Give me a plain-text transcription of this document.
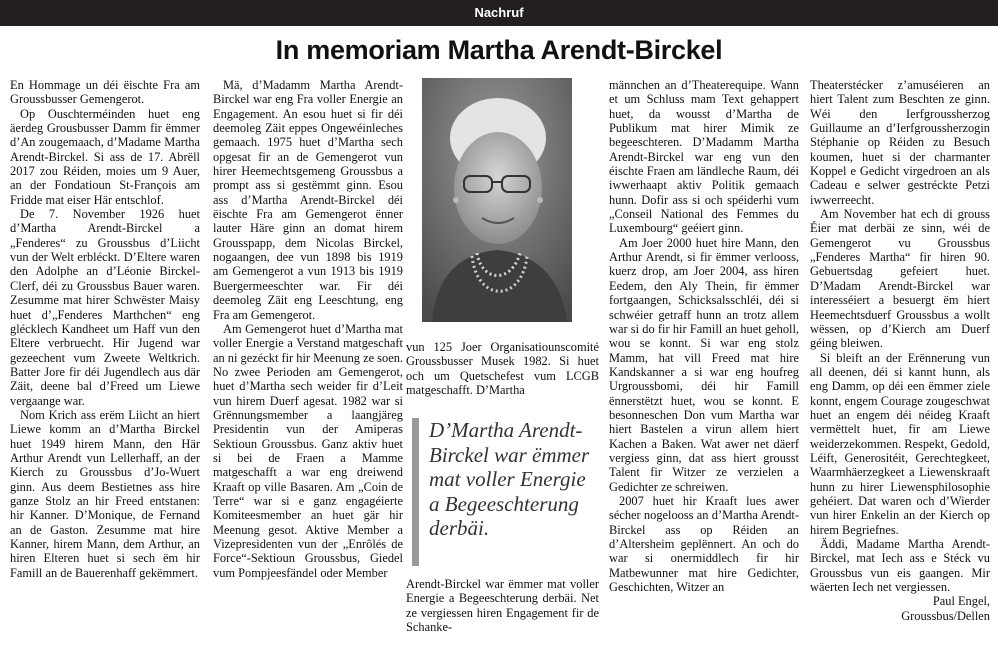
Nachruf
In memoriam Martha Arendt-Birckel

En Hommage un déi ëischte Fra am Groussbusser Gemengerot.

Op Ouschterméinden huet eng äerdeg Grousbusser Damm fir ëmmer d’An zougemaach, d’Madame Martha Arendt-Birckel. Si ass de 17. Abrëll 2017 zou Réiden, moies um 9 Auer, an der Fondatioun St-François am Fridde mat eiser Här entschlof.

De 7. November 1926 huet d’Martha Arendt-Birckel a „Fenderes“ zu Groussbus d’Liicht vun der Welt erbléckt. D’Eltere waren den Adolphe an d’Léonie Birckel-Clerf, déi zu Groussbus Bauer waren. Zesumme mat hirer Schwëster Maisy huet d’„Fenderes Marthchen“ eng glécklech Kandheet um Haff vun den Eltere verbruecht. Hir Jugend war gezeechent vum Zweete Weltkrich. Batter Jore fir déi Jugendlech aus där Zäit, deene bal d’Freed um Liewe vergaange war.

Nom Krich ass erëm Liicht an hiert Liewe komm an d’Martha Birckel huet 1949 hirem Mann, den Här Arthur Arendt vun Lellerhaff, an der Kierch zu Groussbus d’Jo-Wuert ginn. Aus deem Bestietnes ass hire ganze Stolz an hir Freed entstanen: hir Kanner. D’Monique, de Fernand an de Gaston. Zesumme mat hire Kanner, hirem Mann, dem Arthur, an hiren Elteren huet si sech ëm hir Famill an de Bauerenhaff gekëmmert.

Mä, d’Madamm Martha Arendt-Birckel war eng Fra voller Energie an Engagement. An esou huet si fir déi deemoleg Zäit eppes Ongewéinleches gemaach. 1975 huet d’Martha sech opgesat fir an de Gemengerot vun hirer Heemechtsgemeng Groussbus a prompt ass si gestëmmt ginn. Esou ass d’Martha Arendt-Birckel déi ëischte Fra am Gemengerot ënner lauter Häre ginn an domat hirem Grousspapp, dem Nicolas Birckel, nogaangen, dee vun 1898 bis 1919 am Gemengerot a vun 1913 bis 1919 Buergermeeschter war. Fir déi deemoleg Zäit eng Leeschtung, eng Fra am Gemengerot.

Am Gemengerot huet d’Martha mat voller Energie a Verstand matgeschaft an ni gezéckt fir hir Meenung ze soen. No zwee Perioden am Gemengerot, huet d’Martha sech weider fir d’Leit vun hirem Duerf agesat. 1982 war si Grënnungsmember a laangjäreg Presidentin vun der Amiperas Sektioun Groussbus. Ganz aktiv huet si bei de Fraen a Mamme matgeschafft a war eng dreiwend Kraaft op ville Basaren. Am „Coin de Terre“ war si e ganz engagéierte Komiteesmember an huet gär hir Meenung gesot. Aktive Member a Vizepresidenten vun der „Enrôlés de Force“-Sektioun Groussbus, Giedel vum Pompjeesfändel oder Member

vun 125 Joer Organisatiounscomité Groussbusser Musek 1982. Si huet och um Quetschefest vum LCGB matgeschafft. D’Martha

D’Martha Arendt-Birckel war ëmmer mat voller Energie a Begeeschterung derbäi.

Arendt-Birckel war ëmmer mat voller Energie a Begeeschterung derbäi. Net ze vergiessen hiren Engagement fir de Schanke-

männchen an d’Theaterequipe. Wann et um Schluss mam Text gehappert huet, da wousst d’Martha de Publikum mat hirer Mimik ze begeeschteren. D’Madamm Martha Arendt-Birckel war eng vun den éischte Fraen am ländleche Raum, déi iwwerhaapt aktiv Politik gemaach hunn. Dofir ass si och spéiderhi vum „Conseil National des Femmes du Luxembourg“ geéiert ginn.

Am Joer 2000 huet hire Mann, den Arthur Arendt, si fir ëmmer verlooss, kuerz drop, am Joer 2004, ass hiren Eedem, den Aly Thein, fir ëmmer fortgaangen, Schicksalsschléi, déi si schwéier getraff hunn an trotz allem war si do fir hir Famill an huet geholl, wou se konnt. Si war eng stolz Mamm, hat vill Freed mat hire Kandskanner a si war eng houfreg Urgroussbomi, déi hir Famill ënnerstëtzt huet, wou se konnt. E besonneschen Don vum Martha war hiert Bastelen a virun allem hiert Kachen a Baken. Wat awer net däerf vergiess ginn, dat ass hiert grousst Talent fir Witzer ze verzielen a Gedichter ze schreiwen.

2007 huet hir Kraaft lues awer sécher nogelooss an d’Martha Arendt-Birckel ass op Réiden an d’Altersheim geplënnert. An och do war si onermiddlech fir hir Matbewunner mat hire Gedichter, Geschichten, Witzer an

Theaterstécker z’amuséieren an hiert Talent zum Beschten ze ginn. Wéi den Ierfgroussherzog Guillaume an d’Ierfgroussherzogin Stéphanie op Réiden zu Besuch koumen, huet si der charmanter Koppel e Gedicht virgedroen an als Cadeau e selwer gestréckte Petzi iwwerreecht.

Am November hat ech di grouss Éier mat derbäi ze sinn, wéi de Gemengerot vu Groussbus „Fenderes Martha“ fir hiren 90. Gebuertsdag gefeiert huet. D’Madam Arendt-Birckel war interesséiert a besuergt ëm hiert Heemechtsduerf Groussbus a wollt wëssen, op d’Kierch am Duerf géing bleiwen.

Si bleift an der Erënnerung vun all deenen, déi si kannt hunn, als eng Damm, op déi een ëmmer ziele konnt, engem Courage zougeschwat huet an engem déi néideg Kraaft vermëttelt huet, fir am Liewe weiderzekommen. Respekt, Gedold, Léift, Generositéit, Gerechtegkeet, Waarmhäerzegkeet a Liewenskraaft hunn zu hirer Liewensphilosophie gehéiert. Dat waren och d’Wierder vun hirer Enkelin an der Kierch op hirem Begriefnes.

Äddi, Madame Martha Arendt-Birckel, mat Iech ass e Stéck vu Groussbus vun eis gaangen. Mir wäerten Iech net vergiessen.

Paul Engel,

Groussbus/Dellen
